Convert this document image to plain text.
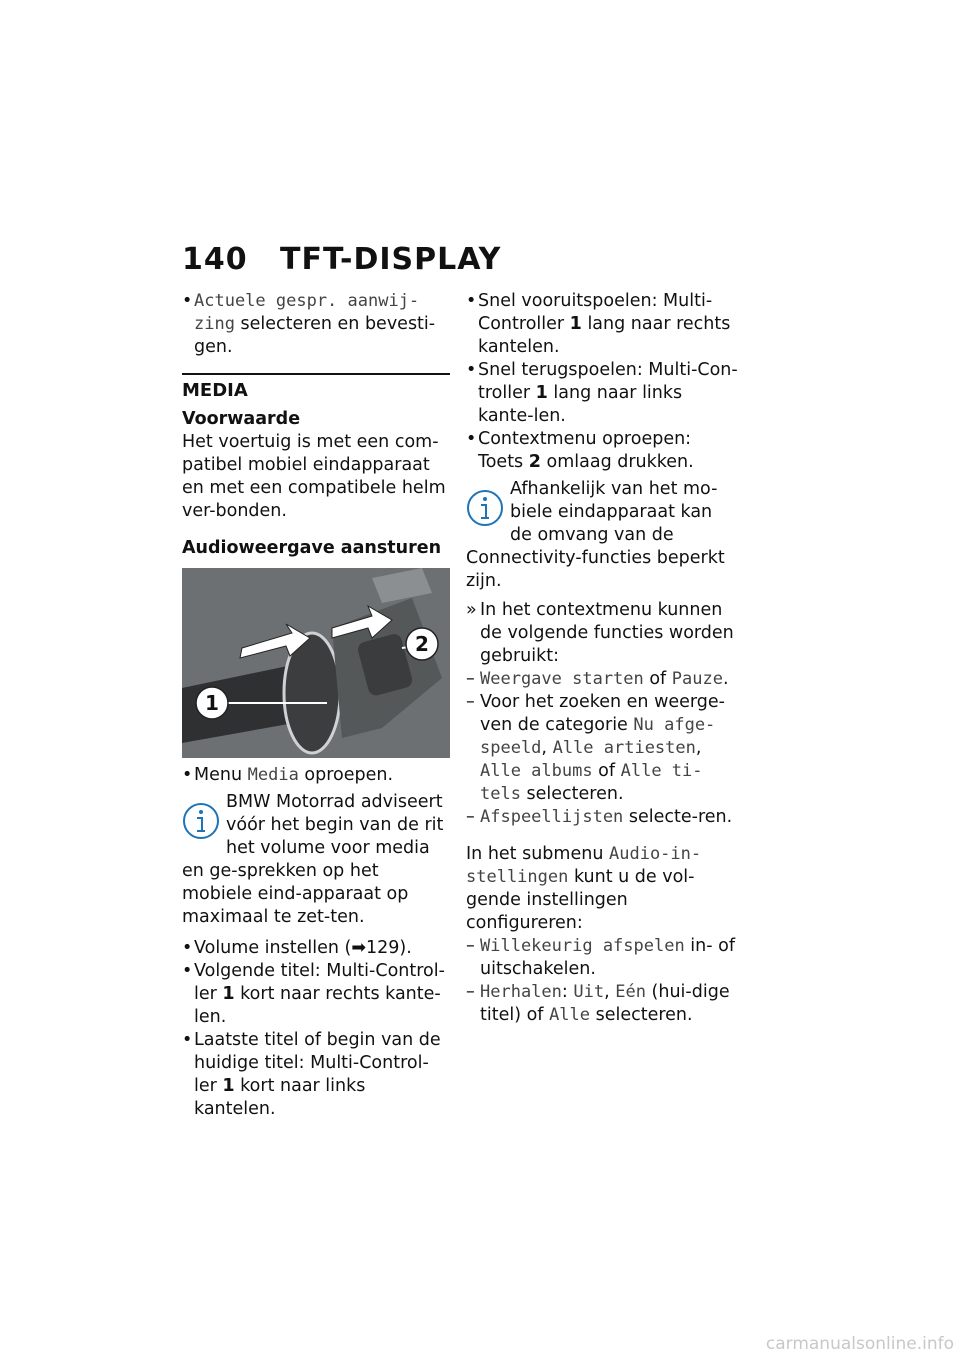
140 TFT-DISPLAY

• Actuele gespr. aanwij-zing selecteren en bevesti-gen.

MEDIA
Voorwaarde

Het voertuig is met een com-patibel mobiel eindapparaat en met een compatibele helm ver-bonden.

Audioweergave aansturen
1
2

• Menu Media oproepen.

BMW Motorrad adviseert vóór het begin van de rit het volume voor media en ge-sprekken op het mobiele eind-apparaat op maximaal te zet-ten.

• Volume instellen (➡129).

• Volgende titel: Multi-Control-ler 1 kort naar rechts kante-len.

• Laatste titel of begin van de huidige titel: Multi-Control-ler 1 kort naar links kantelen.

• Snel vooruitspoelen: Multi-Controller 1 lang naar rechts kantelen.

• Snel terugspoelen: Multi-Con-troller 1 lang naar links kante-len.

• Contextmenu oproepen: Toets 2 omlaag drukken.

Afhankelijk van het mo-biele eindapparaat kan de omvang van de Connectivity-functies beperkt zijn.

» In het contextmenu kunnen de volgende functies worden gebruikt:

– Weergave starten of Pauze.

– Voor het zoeken en weerge-ven de categorie Nu afge-speeld, Alle artiesten, Alle albums of Alle ti-tels selecteren.

– Afspeellijsten selecte-ren.

In het submenu Audio-in-stellingen kunt u de vol-gende instellingen configureren:

– Willekeurig afspelen in- of uitschakelen.

– Herhalen: Uit, Eén (hui-dige titel) of Alle selecteren.

carmanualsonline.info
